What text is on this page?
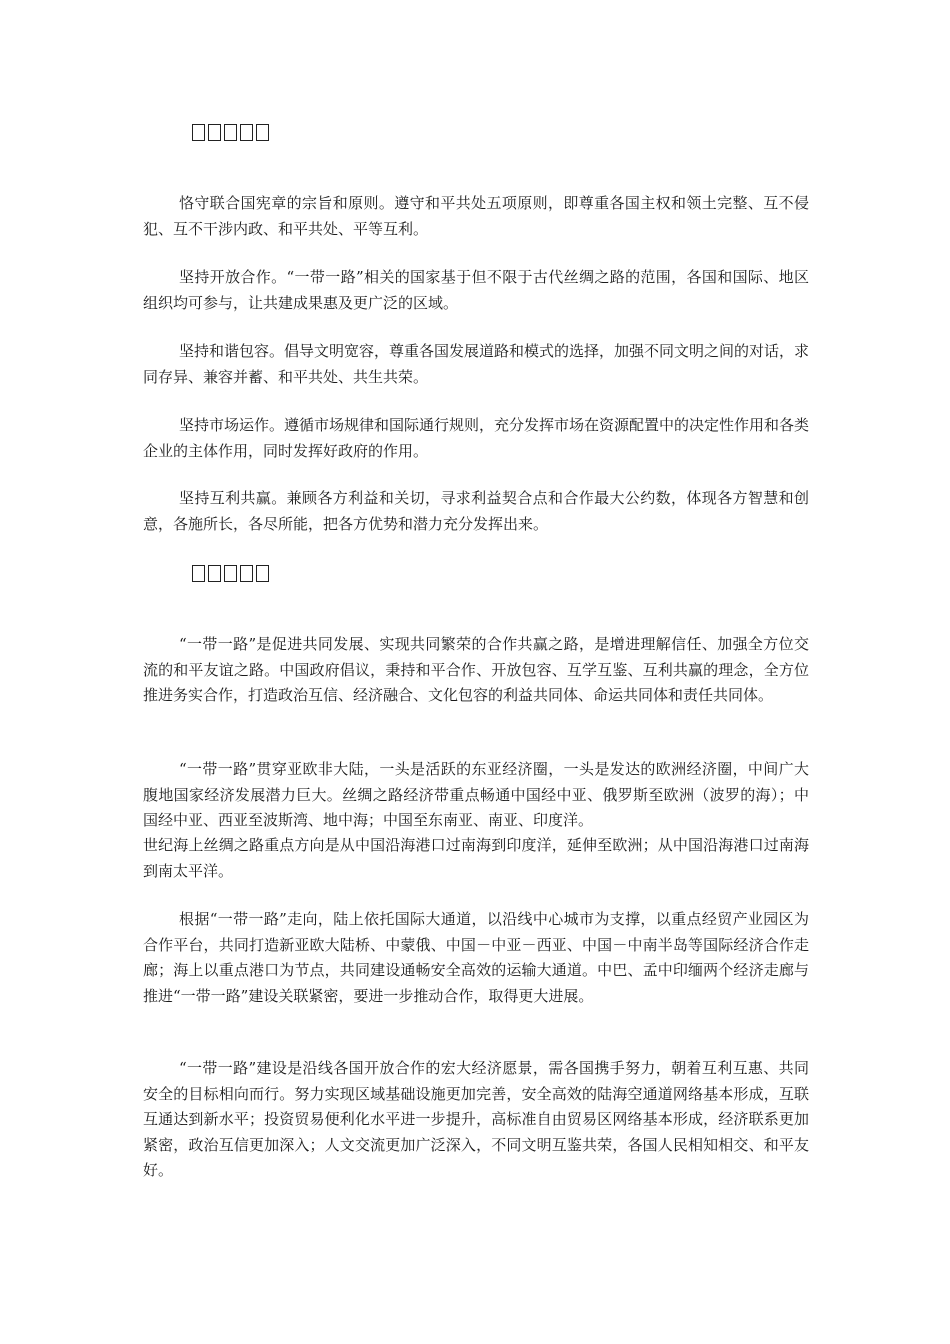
恪守联合国宪章的宗旨和原则。遵守和平共处五项原则，即尊重各国主权和领土完整、互不侵犯、互不干涉内政、和平共处、平等互利。

坚持开放合作。“一带一路”相关的国家基于但不限于古代丝绸之路的范围，各国和国际、地区组织均可参与，让共建成果惠及更广泛的区域。

坚持和谐包容。倡导文明宽容，尊重各国发展道路和模式的选择，加强不同文明之间的对话，求同存异、兼容并蓄、和平共处、共生共荣。

坚持市场运作。遵循市场规律和国际通行规则，充分发挥市场在资源配置中的决定性作用和各类企业的主体作用，同时发挥好政府的作用。

坚持互利共赢。兼顾各方利益和关切，寻求利益契合点和合作最大公约数，体现各方智慧和创意，各施所长，各尽所能，把各方优势和潜力充分发挥出来。

“一带一路”是促进共同发展、实现共同繁荣的合作共赢之路，是增进理解信任、加强全方位交流的和平友谊之路。中国政府倡议，秉持和平合作、开放包容、互学互鉴、互利共赢的理念，全方位推进务实合作，打造政治互信、经济融合、文化包容的利益共同体、命运共同体和责任共同体。

“一带一路”贯穿亚欧非大陆，一头是活跃的东亚经济圈，一头是发达的欧洲经济圈，中间广大腹地国家经济发展潜力巨大。丝绸之路经济带重点畅通中国经中亚、俄罗斯至欧洲（波罗的海）；中国经中亚、西亚至波斯湾、地中海；中国至东南亚、南亚、印度洋。

世纪海上丝绸之路重点方向是从中国沿海港口过南海到印度洋，延伸至欧洲；从中国沿海港口过南海到南太平洋。

根据“一带一路”走向，陆上依托国际大通道，以沿线中心城市为支撑，以重点经贸产业园区为合作平台，共同打造新亚欧大陆桥、中蒙俄、中国－中亚－西亚、中国－中南半岛等国际经济合作走廊；海上以重点港口为节点，共同建设通畅安全高效的运输大通道。中巴、孟中印缅两个经济走廊与推进“一带一路”建设关联紧密，要进一步推动合作，取得更大进展。

“一带一路”建设是沿线各国开放合作的宏大经济愿景，需各国携手努力，朝着互利互惠、共同安全的目标相向而行。努力实现区域基础设施更加完善，安全高效的陆海空通道网络基本形成，互联互通达到新水平；投资贸易便利化水平进一步提升，高标准自由贸易区网络基本形成，经济联系更加紧密，政治互信更加深入；人文交流更加广泛深入，不同文明互鉴共荣，各国人民相知相交、和平友好。
